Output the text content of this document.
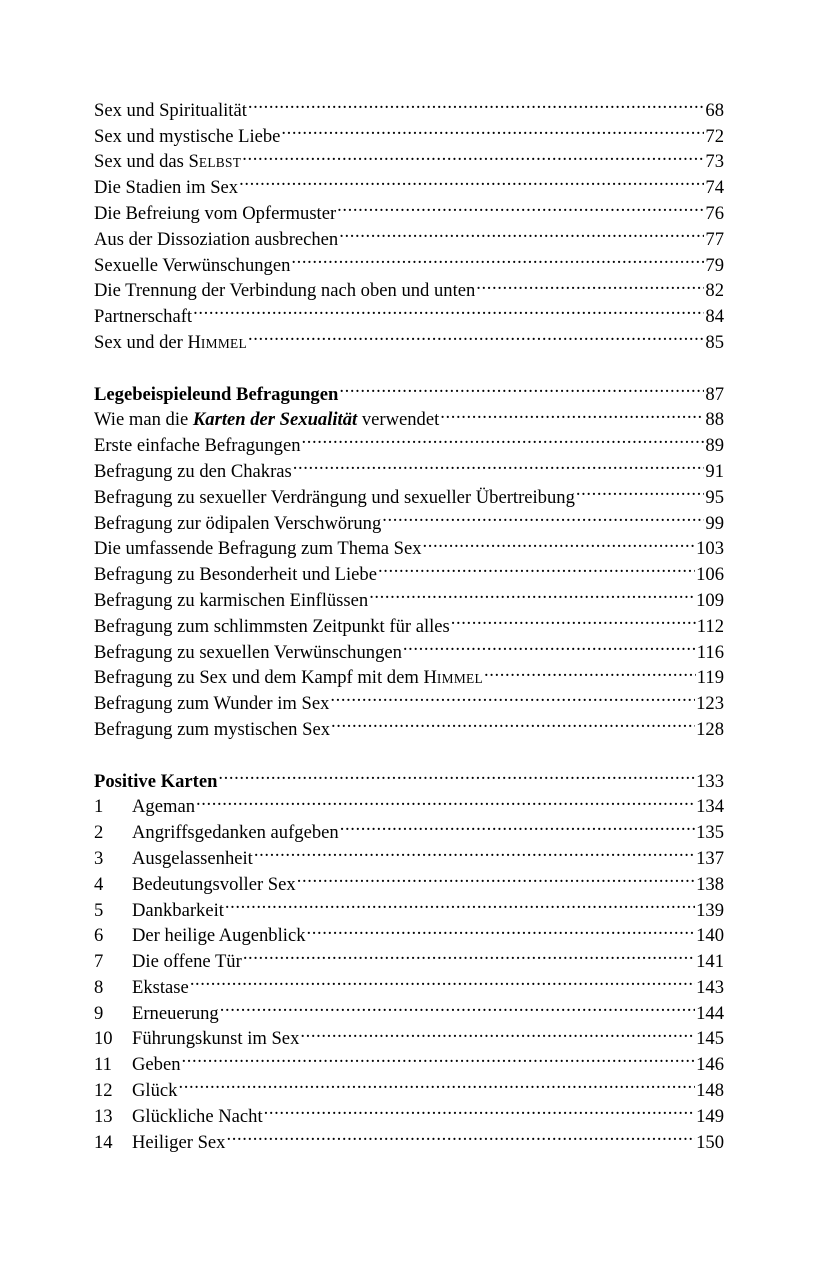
Sex und Spiritualität .....	68
Sex und mystische Liebe .....	72
Sex und das SELBST .....	73
Die Stadien im Sex .....	74
Die Befreiung vom Opfermuster .....	76
Aus der Dissoziation ausbrechen .....	77
Sexuelle Verwünschungen .....	79
Die Trennung der Verbindung nach oben und unten .....	82
Partnerschaft .....	84
Sex und der HIMMEL .....	85
Legebeispieleund Befragungen .....	87
Wie man die Karten der Sexualität verwendet .....	88
Erste einfache Befragungen .....	89
Befragung zu den Chakras .....	91
Befragung zu sexueller Verdrängung und sexueller Übertreibung .....	95
Befragung zur ödipalen Verschwörung .....	99
Die umfassende Befragung zum Thema Sex .....	103
Befragung zu Besonderheit und Liebe .....	106
Befragung zu karmischen Einflüssen .....	109
Befragung zum schlimmsten Zeitpunkt für alles .....	112
Befragung zu sexuellen Verwünschungen .....	116
Befragung zu Sex und dem Kampf mit dem HIMMEL .....	119
Befragung zum Wunder im Sex .....	123
Befragung zum mystischen Sex .....	128
Positive Karten .....	133
1	Ageman .....	134
2	Angriffsgedanken aufgeben .....	135
3	Ausgelassenheit .....	137
4	Bedeutungsvoller Sex .....	138
5	Dankbarkeit .....	139
6	Der heilige Augenblick .....	140
7	Die offene Tür .....	141
8	Ekstase .....	143
9	Erneuerung .....	144
10	Führungskunst im Sex .....	145
11	Geben .....	146
12	Glück .....	148
13	Glückliche Nacht .....	149
14	Heiliger Sex .....	150
